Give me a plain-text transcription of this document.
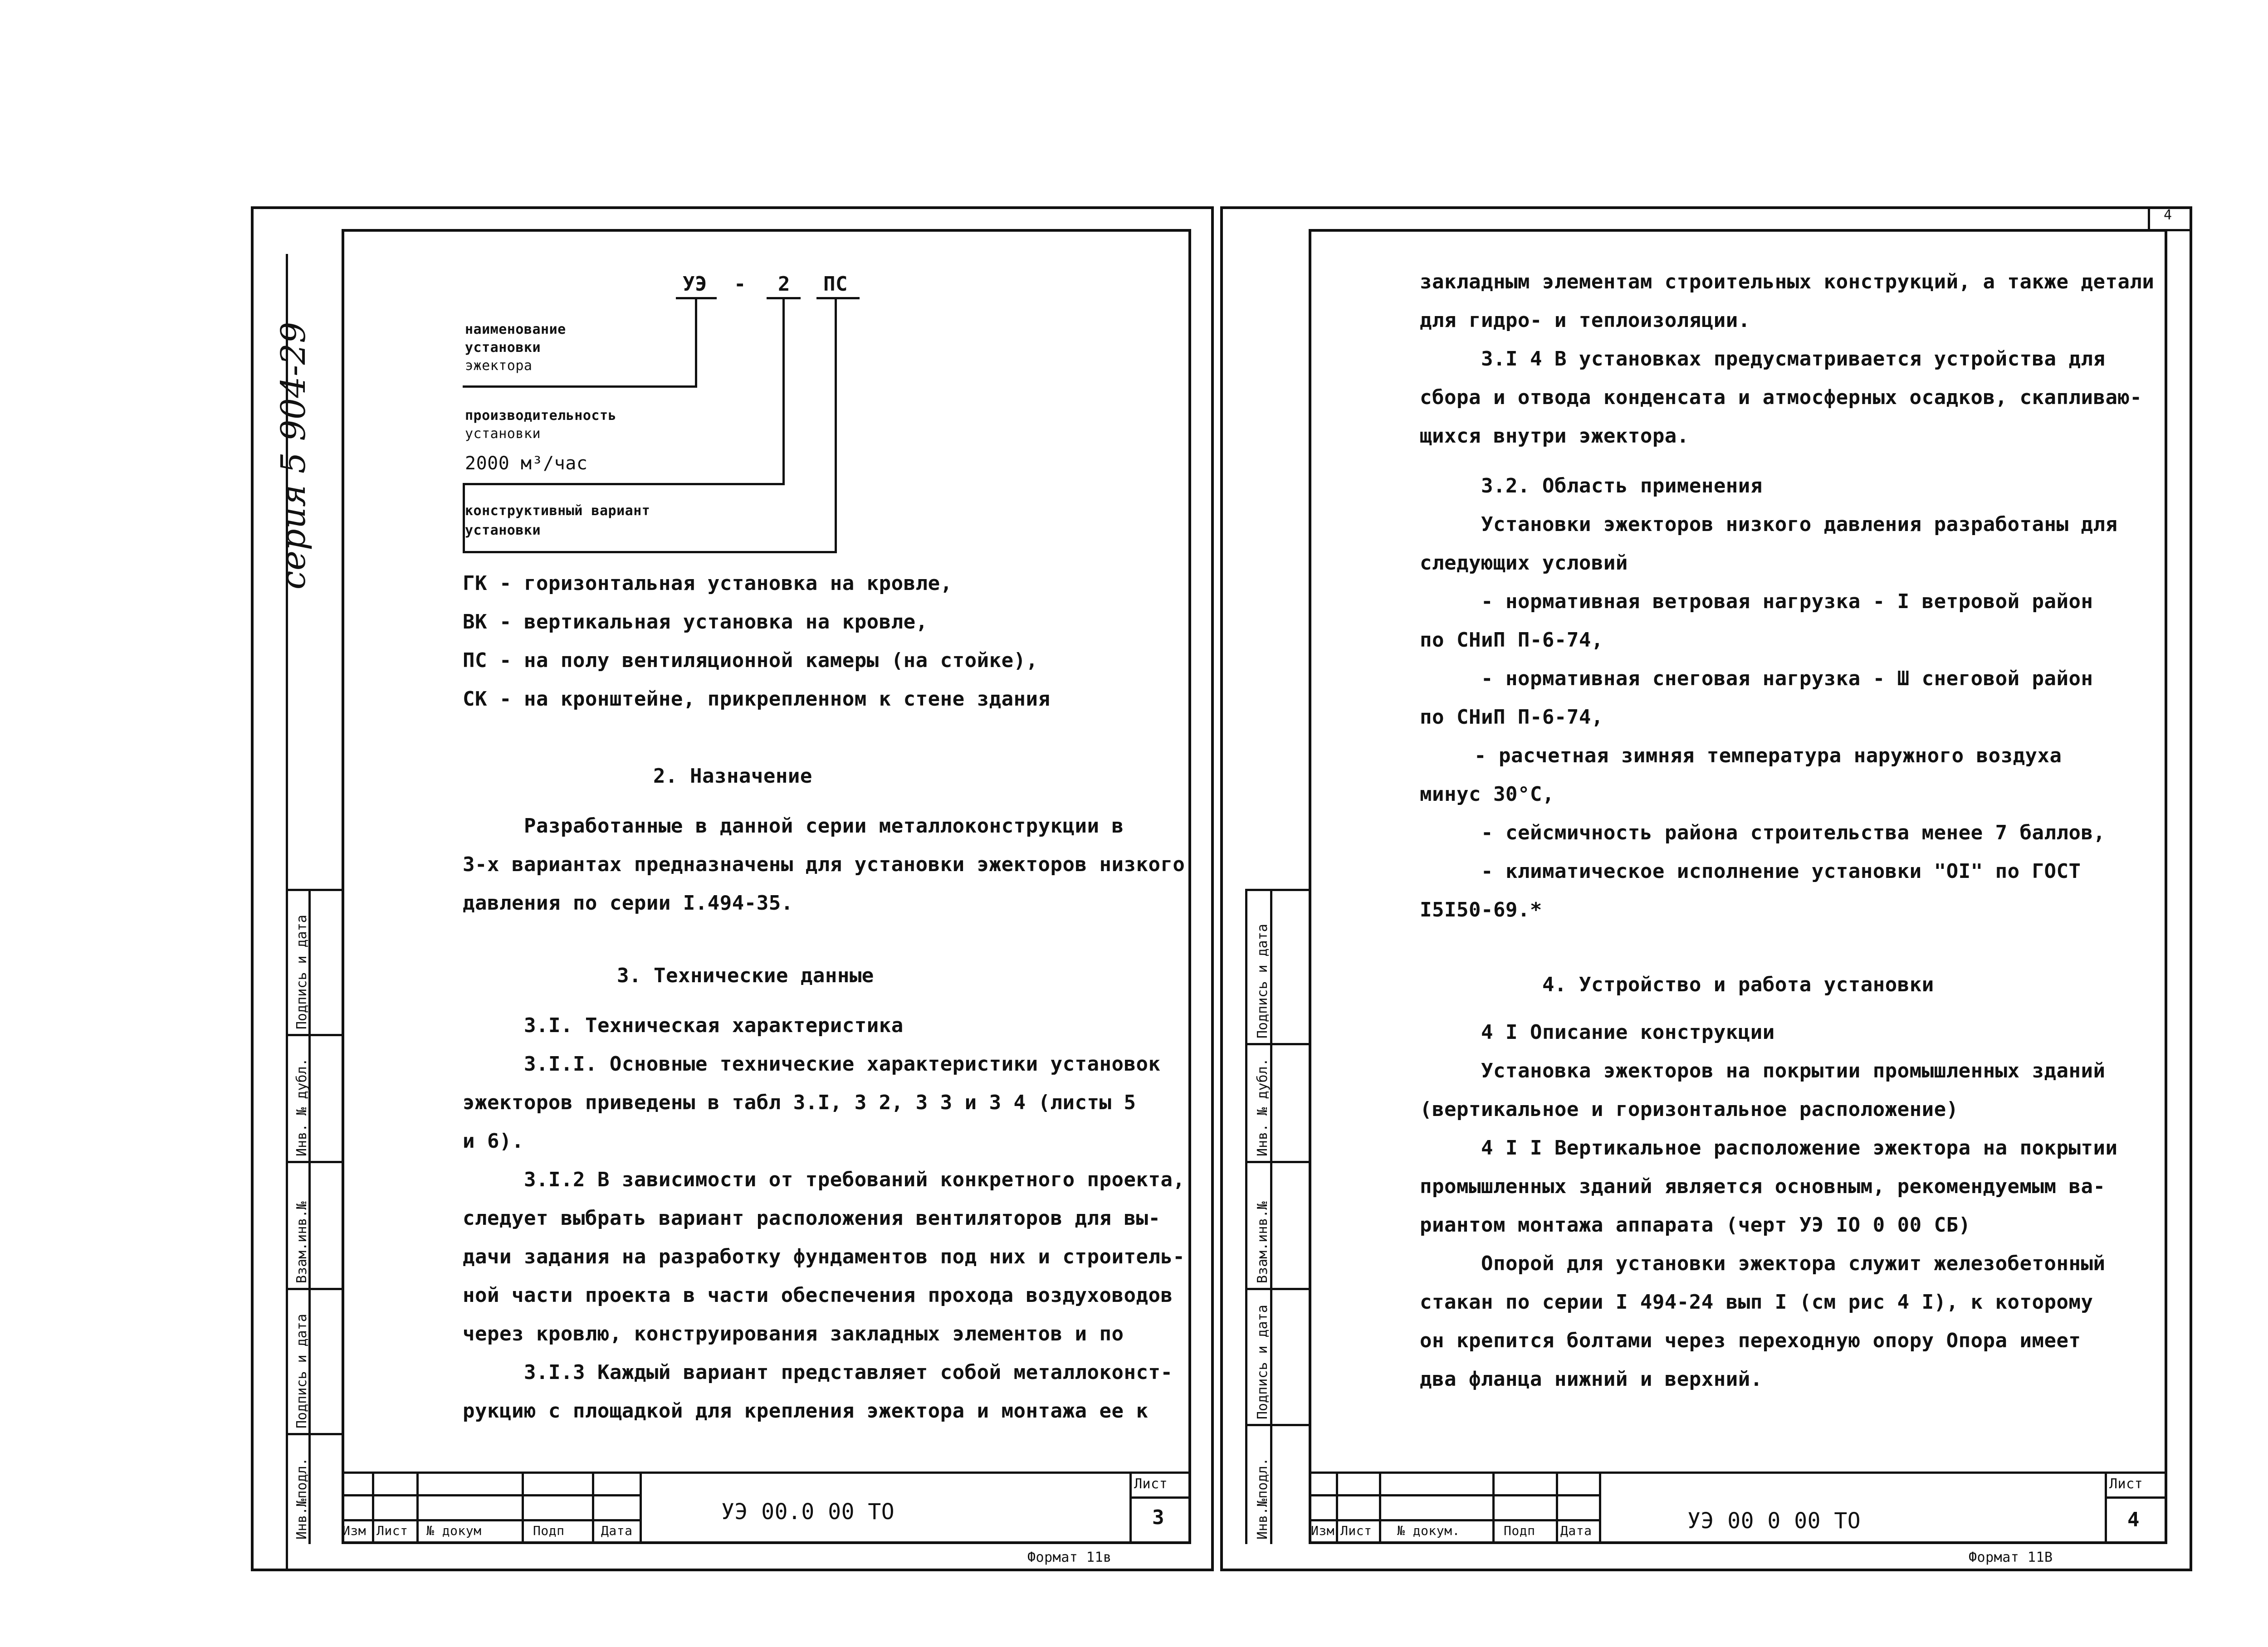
серия 5 904-29
Подпись и дата
Инв. № дубл.
Взам.инв.№
Подпись и дата
Инв.№подл.
УЭ - 2 ПС
наименование
установки
эжектора
производительность
установки
2000 м³/час
конструктивный вариант
установки
ГК - горизонтальная установка на кровле,
ВК - вертикальная установка на кровле,
ПС - на полу вентиляционной камеры (на стойке),
СК - на кронштейне, прикрепленном к стене здания
2. Назначение
Разработанные в данной серии металлоконструкции в
3-х вариантах предназначены для установки эжекторов низкого
давления по серии I.494-35.
3. Технические данные
3.I. Техническая характеристика
3.I.I. Основные технические характеристики установок
эжекторов приведены в табл 3.I, 3 2, 3 3 и 3 4 (листы 5
и 6).
3.I.2 В зависимости от требований конкретного проекта,
следует выбрать вариант расположения вентиляторов для вы-
дачи задания на разработку фундаментов под них и строитель-
ной части проекта в части обеспечения прохода воздуховодов
через кровлю, конструирования закладных элементов и по
3.I.3 Каждый вариант представляет собой металлоконст-
рукцию с площадкой для крепления эжектора и монтажа ее к
Изм Лист № докум	Подп	Дата
УЭ 00.0 00 ТО
Лист
3
Формат 11в
4
Подпись и дата
Инв. № дубл.
Взам.инв.№
Подпись и дата
Инв.№подл.
закладным элементам строительных конструкций, а также детали
для гидро- и теплоизоляции.
3.I 4 В установках предусматривается устройства для
сбора и отвода конденсата и атмосферных осадков, скапливаю-
щихся внутри эжектора.
3.2. Область применения
Установки эжекторов низкого давления разработаны для
следующих условий
- нормативная ветровая нагрузка - I ветровой район
по СНиП П-6-74,
- нормативная снеговая нагрузка - Ш снеговой район
по СНиП П-6-74,
- расчетная зимняя температура наружного воздуха
минус 30°С,
- сейсмичность района строительства менее 7 баллов,
- климатическое исполнение установки "OI" по ГОСТ
I5I50-69.*
4. Устройство и работа установки
4 I Описание конструкции
Установка эжекторов на покрытии промышленных зданий
(вертикальное и горизонтальное расположение)
4 I I Вертикальное расположение эжектора на покрытии
промышленных зданий является основным, рекомендуемым ва-
риантом монтажа аппарата (черт УЭ IO 0 00 СБ)
Опорой для установки эжектора служит железобетонный
стакан по серии I 494-24 вып I (см рис 4 I), к которому
он крепится болтами через переходную опору Опора имеет
два фланца нижний и верхний.
Изм Лист № докум.	Подп Дата	УЭ 00 0 00 ТО
Лист
4
Формат 11В
